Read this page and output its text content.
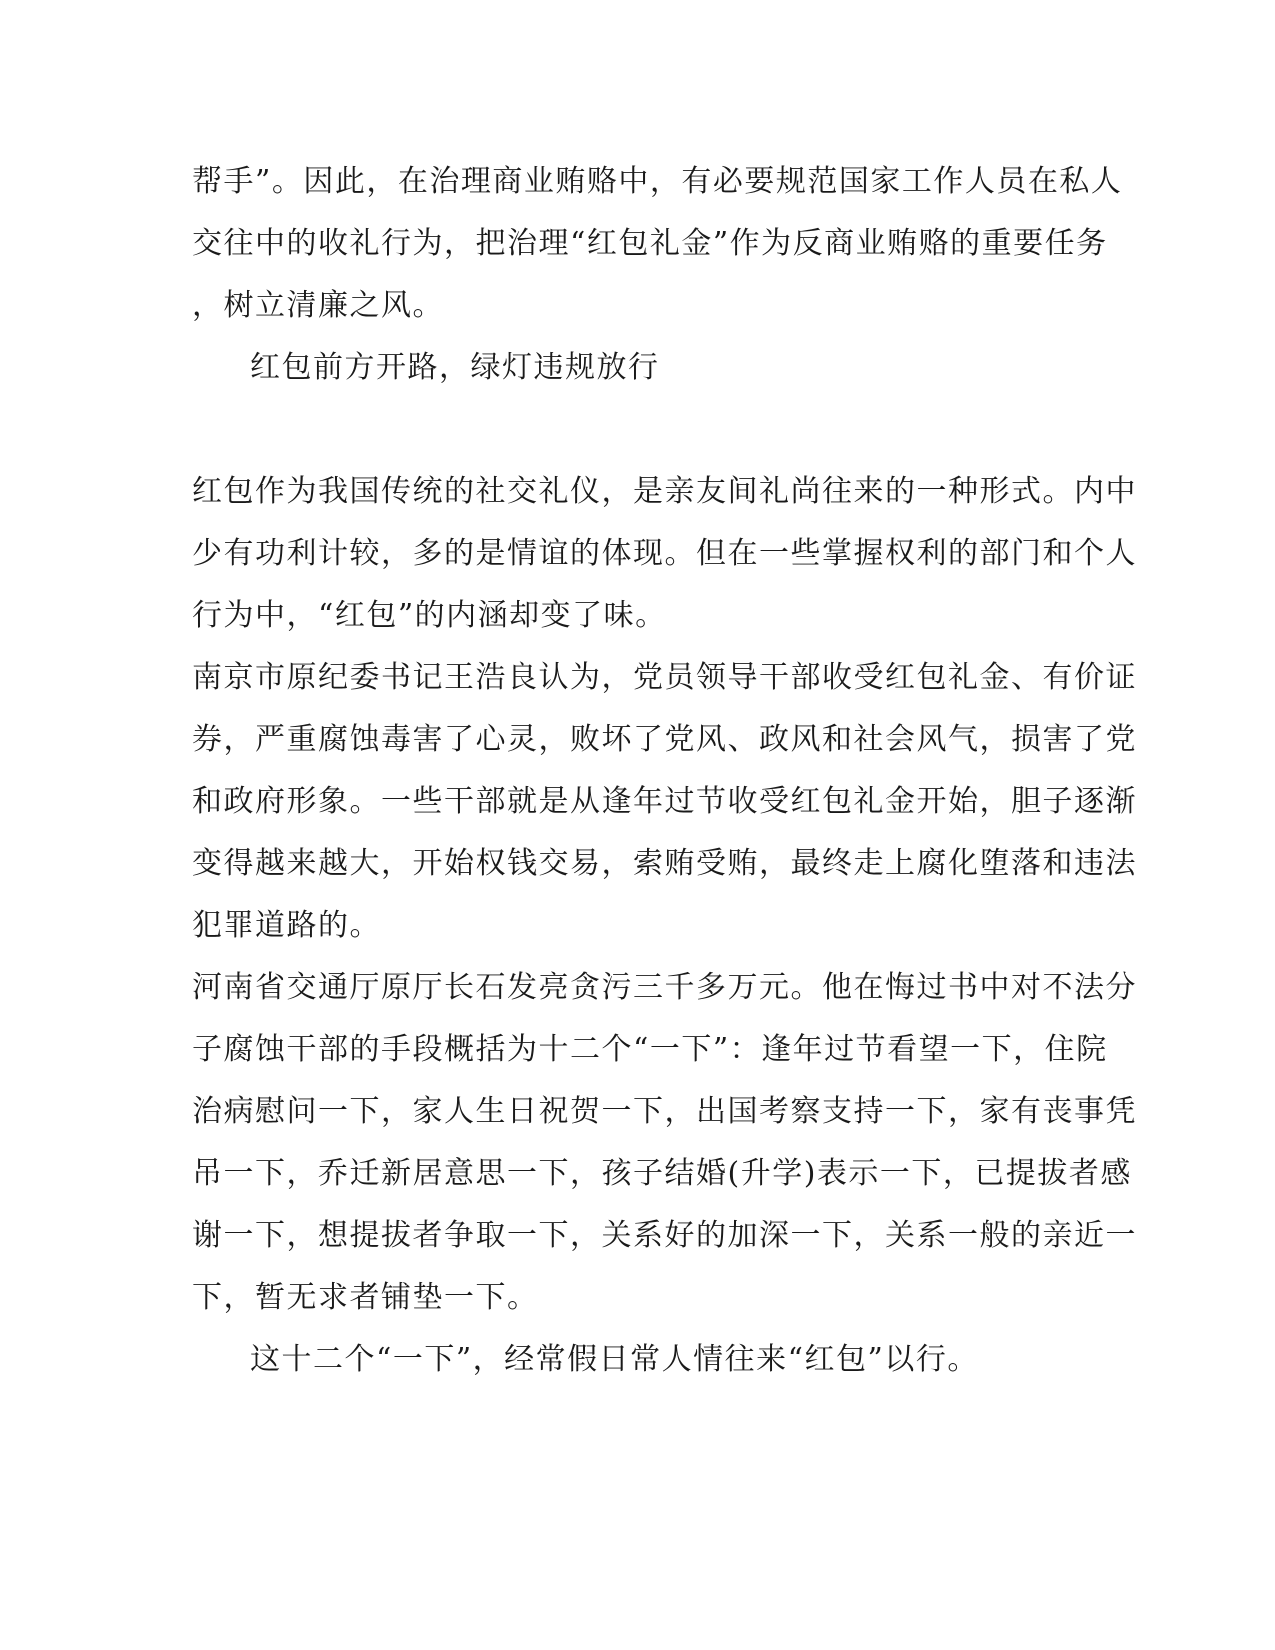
帮手”。因此，在治理商业贿赂中，有必要规范国家工作人员在私人

交往中的收礼行为，把治理“红包礼金”作为反商业贿赂的重要任务

，树立清廉之风。

红包前方开路，绿灯违规放行

红包作为我国传统的社交礼仪，是亲友间礼尚往来的一种形式。内中

少有功利计较，多的是情谊的体现。但在一些掌握权利的部门和个人

行为中，“红包”的内涵却变了味。

南京市原纪委书记王浩良认为，党员领导干部收受红包礼金、有价证

券，严重腐蚀毒害了心灵，败坏了党风、政风和社会风气，损害了党

和政府形象。一些干部就是从逢年过节收受红包礼金开始，胆子逐渐

变得越来越大，开始权钱交易，索贿受贿，最终走上腐化堕落和违法

犯罪道路的。

河南省交通厅原厅长石发亮贪污三千多万元。他在悔过书中对不法分

子腐蚀干部的手段概括为十二个“一下”：逢年过节看望一下，住院

治病慰问一下，家人生日祝贺一下，出国考察支持一下，家有丧事凭

吊一下，乔迁新居意思一下，孩子结婚(升学)表示一下，已提拔者感

谢一下，想提拔者争取一下，关系好的加深一下，关系一般的亲近一

下，暂无求者铺垫一下。

这十二个“一下”，经常假日常人情往来“红包”以行。
